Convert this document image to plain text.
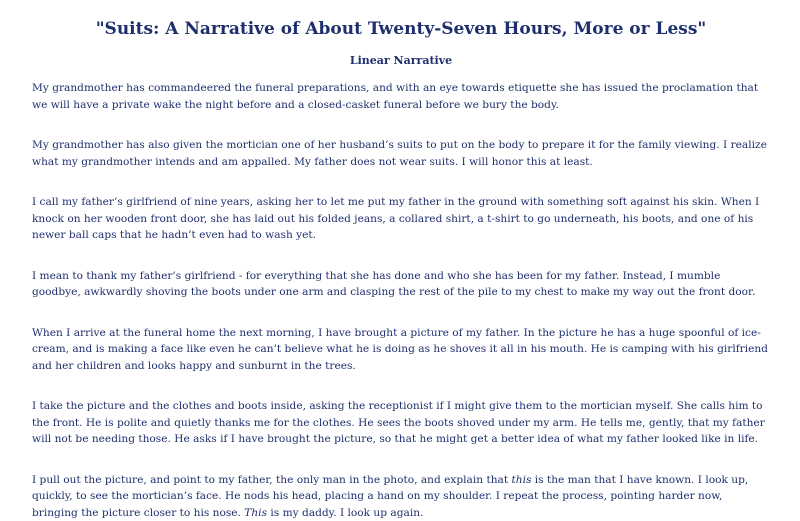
"Suits: A Narrative of About Twenty-Seven Hours, More or Less"
Linear Narrative

My grandmother has commandeered the funeral preparations, and with an eye towards etiquette she has issued the proclamation that we will have a private wake the night before and a closed-casket funeral before we bury the body.

My grandmother has also given the mortician one of her husband’s suits to put on the body to prepare it for the family viewing. I realize what my grandmother intends and am appalled. My father does not wear suits. I will honor this at least.

I call my father’s girlfriend of nine years, asking her to let me put my father in the ground with something soft against his skin. When I knock on her wooden front door, she has laid out his folded jeans, a collared shirt, a t-shirt to go underneath, his boots, and one of his newer ball caps that he hadn’t even had to wash yet.

I mean to thank my father’s girlfriend - for everything that she has done and who she has been for my father. Instead, I mumble goodbye, awkwardly shoving the boots under one arm and clasping the rest of the pile to my chest to make my way out the front door.

When I arrive at the funeral home the next morning, I have brought a picture of my father. In the picture he has a huge spoonful of ice-cream, and is making a face like even he can’t believe what he is doing as he shoves it all in his mouth. He is camping with his girlfriend and her children and looks happy and sunburnt in the trees.

I take the picture and the clothes and boots inside, asking the receptionist if I might give them to the mortician myself. She calls him to the front. He is polite and quietly thanks me for the clothes. He sees the boots shoved under my arm. He tells me, gently, that my father will not be needing those. He asks if I have brought the picture, so that he might get a better idea of what my father looked like in life.

I pull out the picture, and point to my father, the only man in the photo, and explain that this is the man that I have known. I look up, quickly, to see the mortician’s face. He nods his head, placing a hand on my shoulder. I repeat the process, pointing harder now, bringing the picture closer to his nose. This is my daddy. I look up again.
